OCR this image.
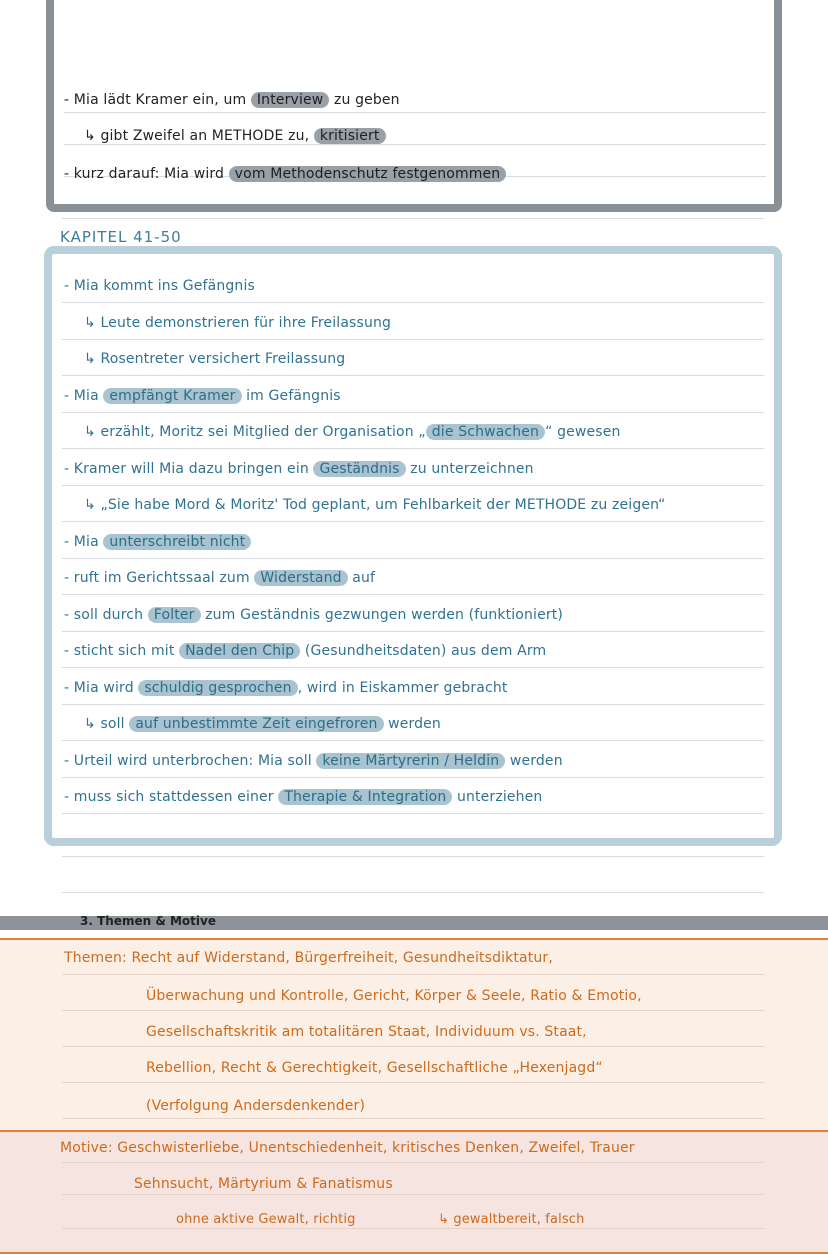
- Mia lädt Kramer ein, um Interview zu geben
↳ gibt Zweifel an METHODE zu, kritisiert
- kurz darauf: Mia wird vom Methodenschutz festgenommen
KAPITEL 41-50
- Mia kommt ins Gefängnis
↳ Leute demonstrieren für ihre Freilassung
↳ Rosentreter versichert Freilassung
- Mia empfängt Kramer im Gefängnis
↳ erzählt, Moritz sei Mitglied der Organisation „ die Schwachen “ gewesen
- Kramer will Mia dazu bringen ein Geständnis zu unterzeichnen
↳ „Sie habe Mord & Moritz' Tod geplant, um Fehlbarkeit der METHODE zu zeigen“
- Mia unterschreibt nicht
- ruft im Gerichtssaal zum Widerstand auf
- soll durch Folter zum Geständnis gezwungen werden (funktioniert)
- sticht sich mit Nadel den Chip (Gesundheitsdaten) aus dem Arm
- Mia wird schuldig gesprochen , wird in Eiskammer gebracht
↳ soll auf unbestimmte Zeit eingefroren werden
- Urteil wird unterbrochen: Mia soll keine Märtyrerin / Heldin werden
- muss sich stattdessen einer Therapie & Integration unterziehen
3. Themen & Motive
Themen: Recht auf Widerstand, Bürgerfreiheit, Gesundheitsdiktatur,
Überwachung und Kontrolle, Gericht, Körper & Seele, Ratio & Emotio,
Gesellschaftskritik am totalitären Staat, Individuum vs. Staat,
Rebellion, Recht & Gerechtigkeit, Gesellschaftliche „Hexenjagd“
(Verfolgung Andersdenkender)
Motive: Geschwisterliebe, Unentschiedenheit, kritisches Denken, Zweifel, Trauer
Sehnsucht, Märtyrium & Fanatismus
ohne aktive Gewalt, richtig	↳ gewaltbereit, falsch
